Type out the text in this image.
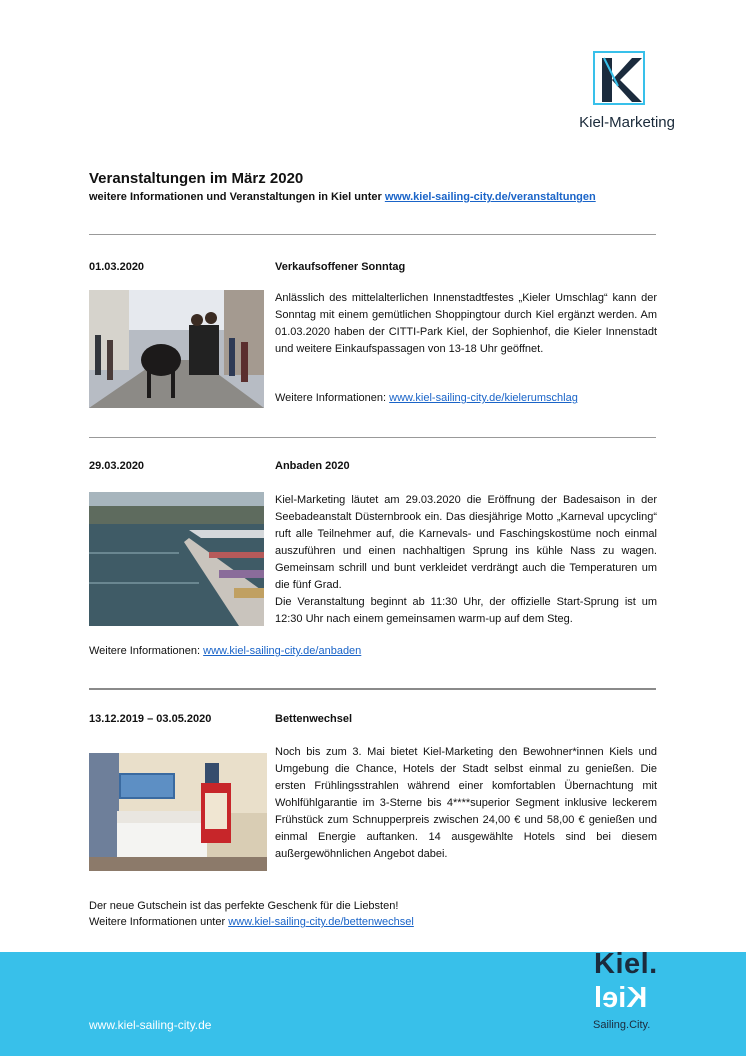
Kiel-Marketing
Veranstaltungen im März 2020
weitere Informationen und Veranstaltungen in Kiel unter www.kiel-sailing-city.de/veranstaltungen
01.03.2020	Verkaufsoffener Sonntag
Anlässlich des mittelalterlichen Innenstadtfestes „Kieler Umschlag“ kann der Sonntag mit einem gemütlichen Shoppingtour durch Kiel ergänzt werden. Am 01.03.2020 haben der CITTI-Park Kiel, der Sophienhof, die Kieler Innenstadt und weitere Einkaufspassagen von 13-18 Uhr geöffnet.
Weitere Informationen: www.kiel-sailing-city.de/kielerumschlag
29.03.2020	Anbaden 2020
Kiel-Marketing läutet am 29.03.2020 die Eröffnung der Badesaison in der Seebadeanstalt Düsternbrook ein. Das diesjährige Motto „Karneval upcycling“ ruft alle Teilnehmer auf, die Karnevals- und Faschingskostüme noch einmal auszuführen und einen nachhaltigen Sprung ins kühle Nass zu wagen. Gemeinsam schrill und bunt verkleidet verdrängt auch die Temperaturen um die fünf Grad.
Die Veranstaltung beginnt ab 11:30 Uhr, der offizielle Start-Sprung ist um 12:30 Uhr nach einem gemeinsamen warm-up auf dem Steg.
Weitere Informationen: www.kiel-sailing-city.de/anbaden
13.12.2019 – 03.05.2020	Bettenwechsel
Noch bis zum 3. Mai bietet Kiel-Marketing den Bewohner*innen Kiels und Umgebung die Chance, Hotels der Stadt selbst einmal zu genießen. Die ersten Frühlingsstrahlen während einer komfortablen Übernachtung mit Wohlfühlgarantie im 3-Sterne bis 4****superior Segment inklusive leckerem Frühstück zum Schnupperpreis zwischen 24,00 € und 58,00 € genießen und einmal Energie auftanken. 14 ausgewählte Hotels sind bei diesem außergewöhnlichen Angebot dabei.
Der neue Gutschein ist das perfekte Geschenk für die Liebsten!
Weitere Informationen unter www.kiel-sailing-city.de/bettenwechsel
Kiel.
Kiel
Sailing.City.
www.kiel-sailing-city.de
